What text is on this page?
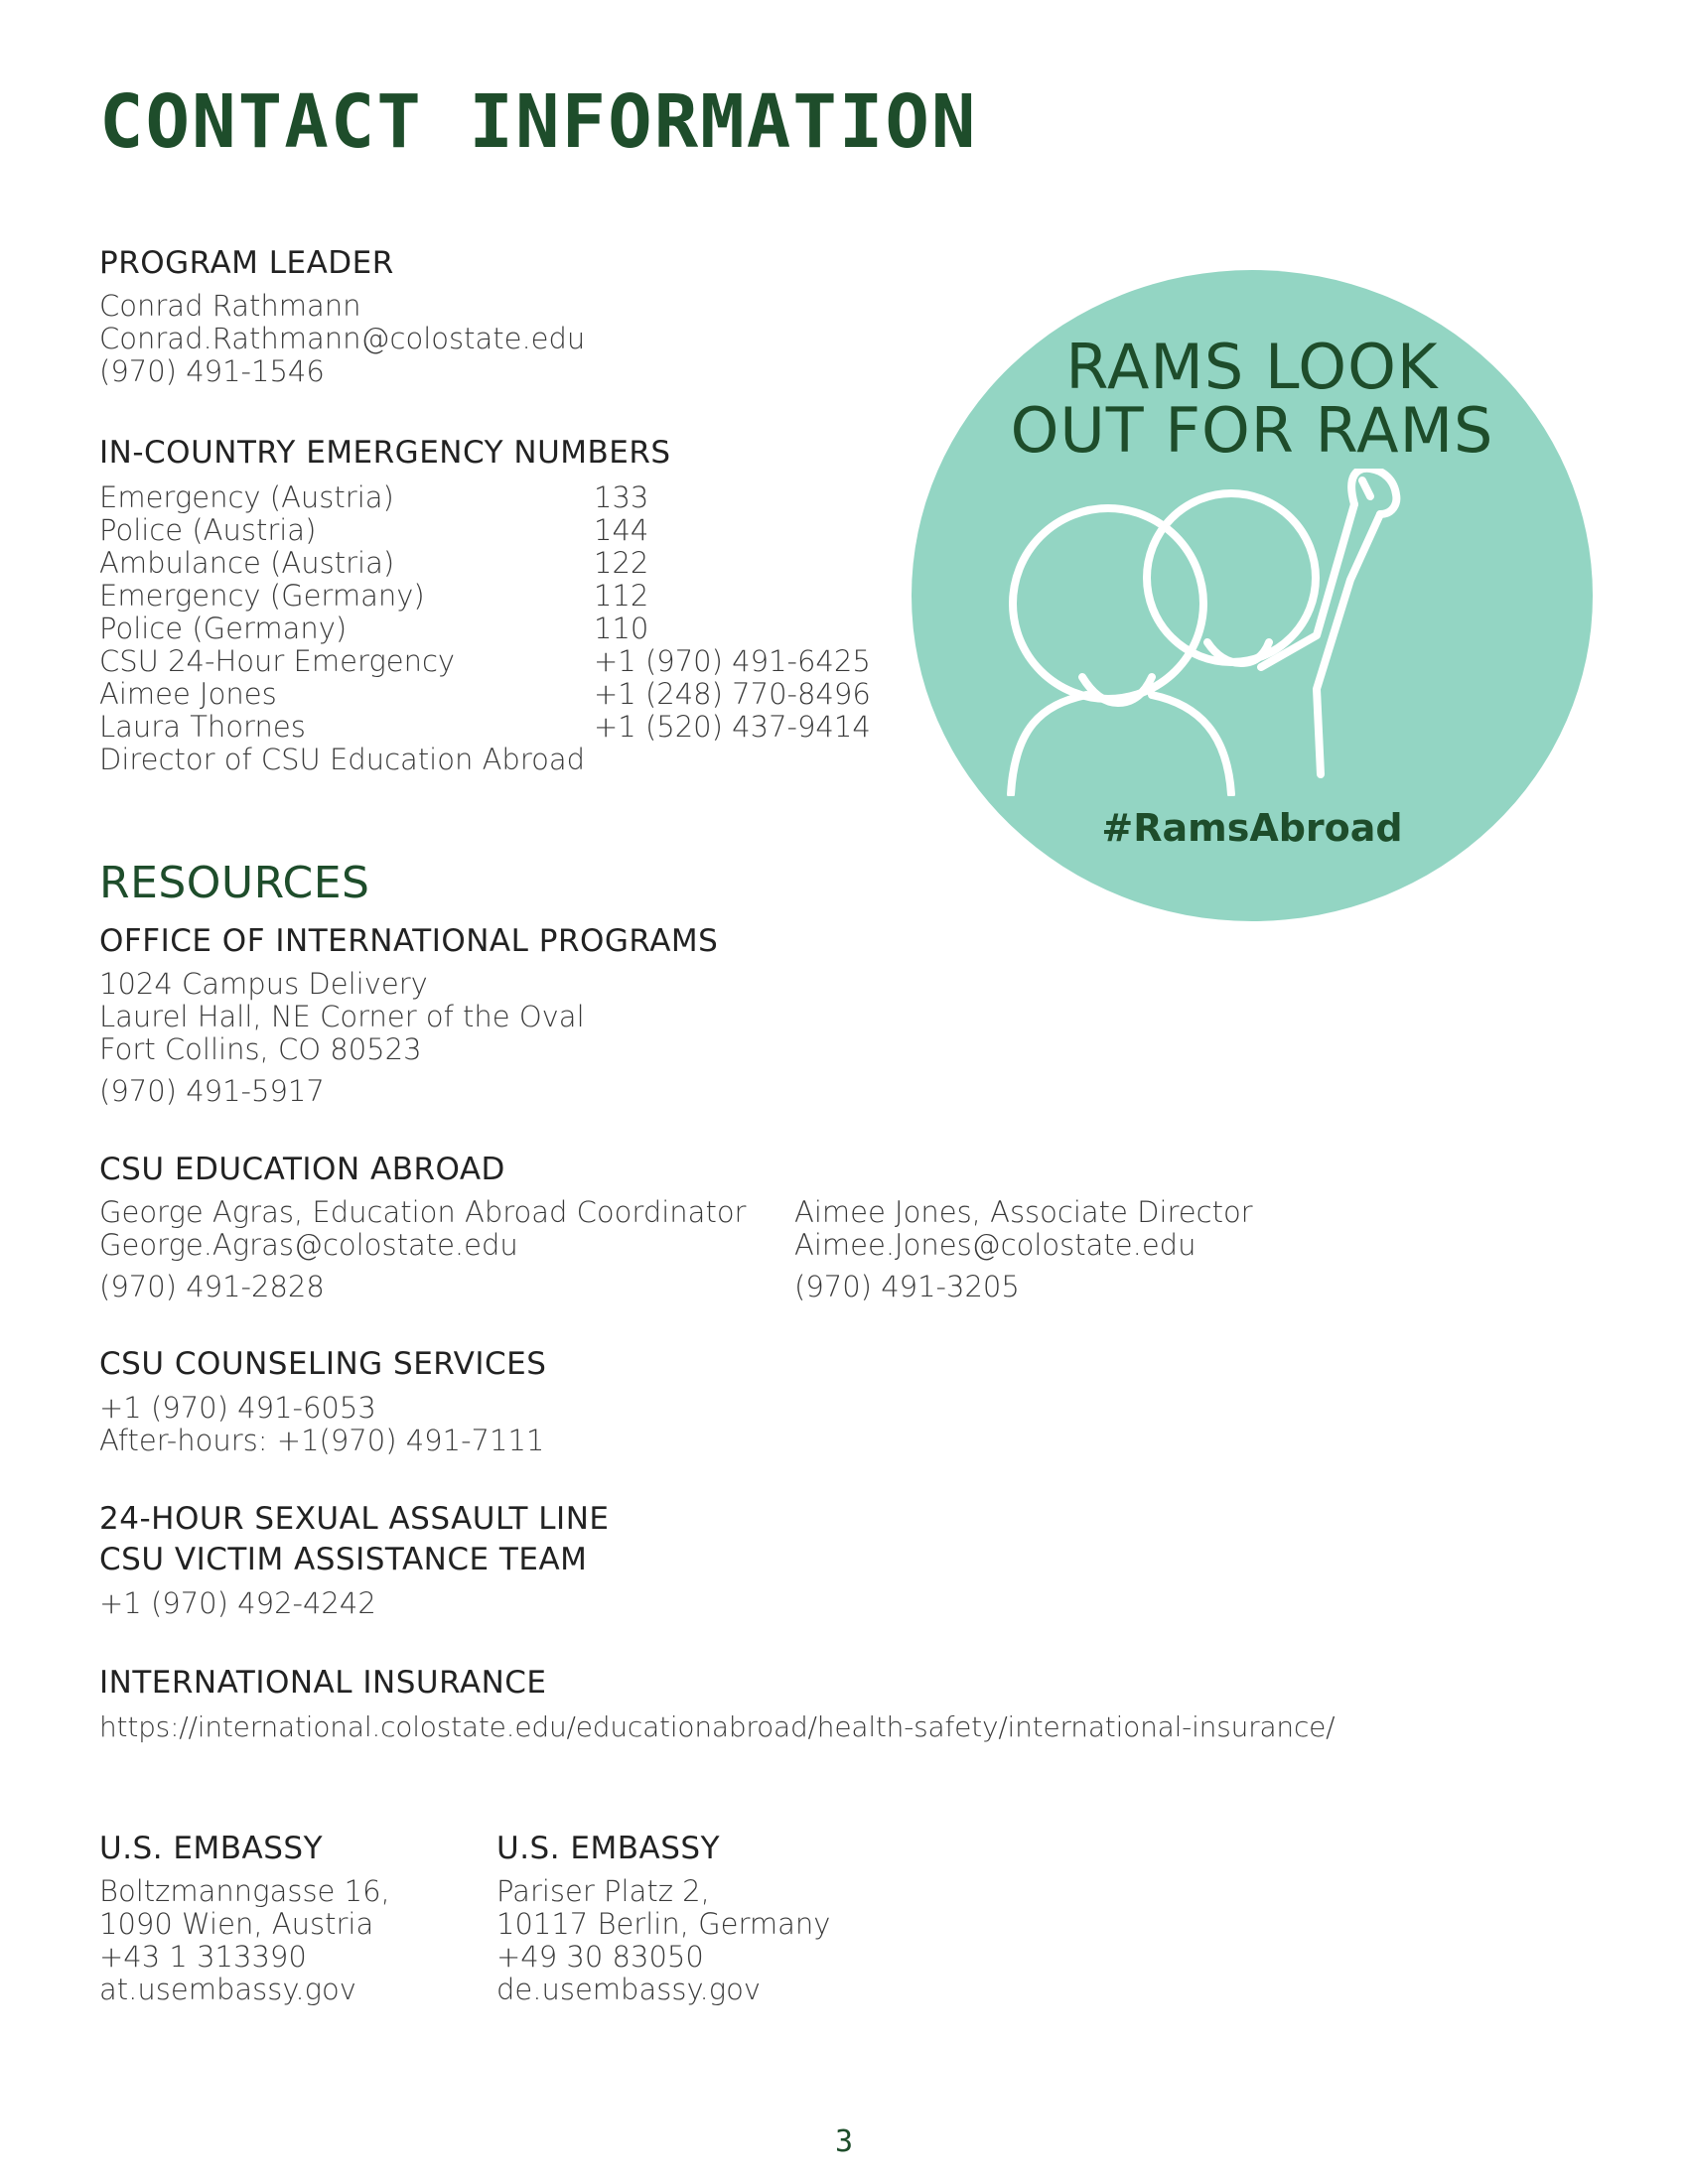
CONTACT INFORMATION
PROGRAM LEADER
Conrad Rathmann
Conrad.Rathmann@colostate.edu
(970) 491-1546
IN-COUNTRY EMERGENCY NUMBERS
Emergency (Austria)
Police (Austria)
Ambulance (Austria)
Emergency (Germany)
Police (Germany)
CSU 24-Hour Emergency
Aimee Jones
Laura Thornes
Director of CSU Education Abroad
133
144
122
112
110
+1 (970) 491-6425
+1 (248) 770-8496
+1 (520) 437-9414
RAMS LOOK
OUT FOR RAMS
#RamsAbroad
RESOURCES
OFFICE OF INTERNATIONAL PROGRAMS
1024 Campus Delivery
Laurel Hall, NE Corner of the Oval
Fort Collins, CO 80523
(970) 491-5917
CSU EDUCATION ABROAD
George Agras, Education Abroad Coordinator
George.Agras@colostate.edu
(970) 491-2828
Aimee Jones, Associate Director
Aimee.Jones@colostate.edu
(970) 491-3205
CSU COUNSELING SERVICES
+1 (970) 491-6053
After-hours: +1(970) 491-7111
24-HOUR SEXUAL ASSAULT LINE
CSU VICTIM ASSISTANCE TEAM
+1 (970) 492-4242
INTERNATIONAL INSURANCE
https://international.colostate.edu/educationabroad/health-safety/international-insurance/
U.S. EMBASSY
Boltzmanngasse 16,
1090 Wien, Austria
+43 1 313390
at.usembassy.gov
U.S. EMBASSY
Pariser Platz 2,
10117 Berlin, Germany
+49 30 83050
de.usembassy.gov
3
